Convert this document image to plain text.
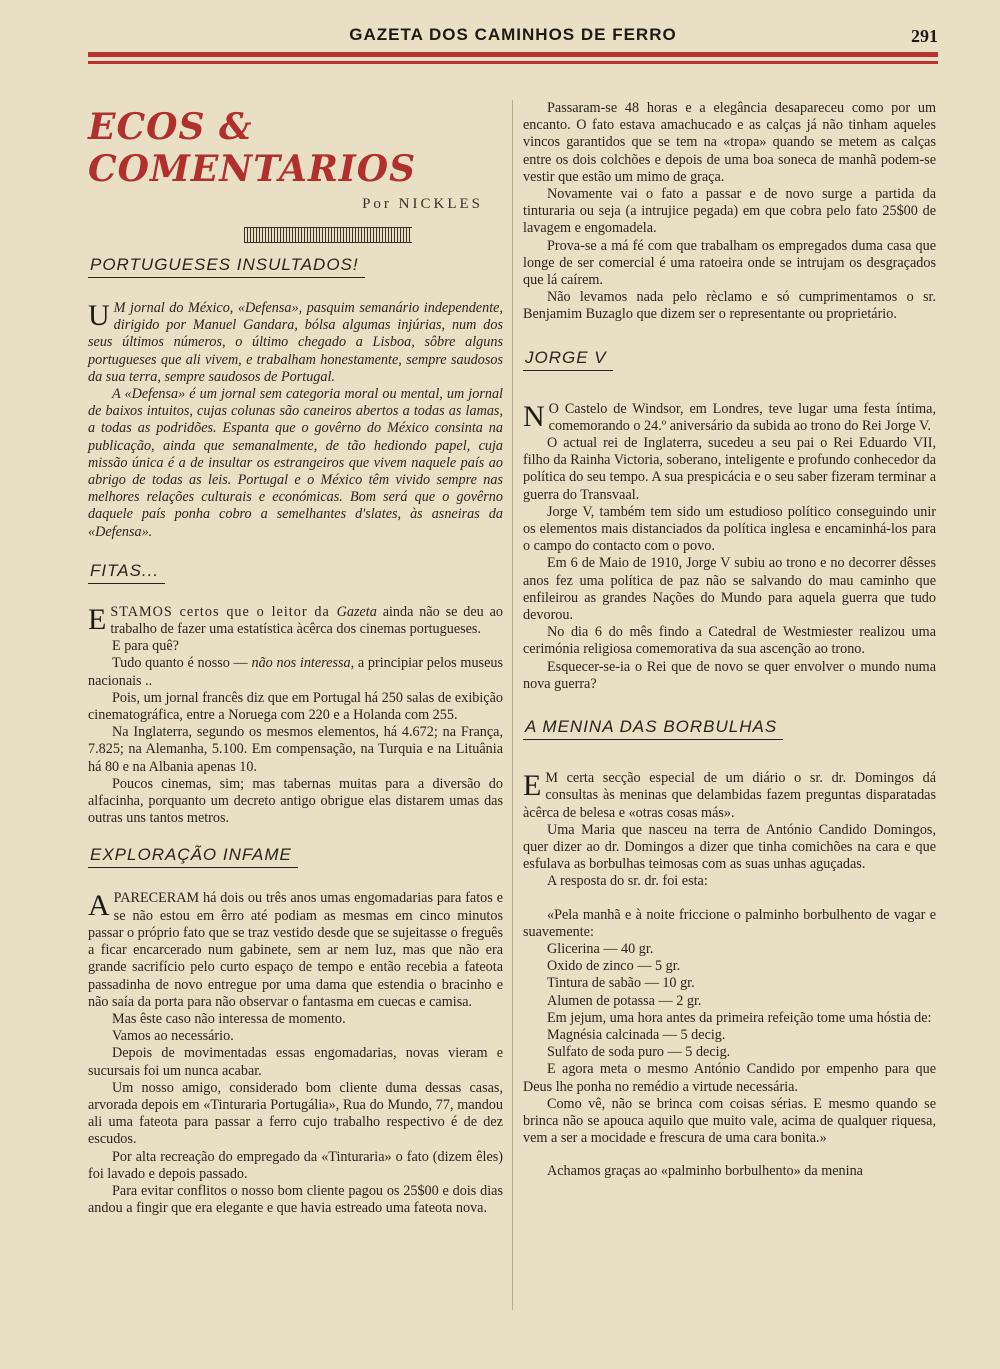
GAZETA DOS CAMINHOS DE FERRO	291
ECOS & COMENTARIOS
Por NICKLES
PORTUGUESES INSULTADOS!

U M jornal do México, «Defensa», pasquim semanário independente, dirigido por Manuel Gandara, bólsa algumas injúrias, num dos seus últimos números, o último chegado a Lisboa, sôbre alguns portugueses que ali vivem, e trabalham honestamente, sempre saudosos da sua terra, sempre saudosos de Portugal.

A «Defensa» é um jornal sem categoria moral ou mental, um jornal de baixos intuitos, cujas colunas são caneiros abertos a todas as lamas, a todas as podridões. Espanta que o govêrno do México consinta na publicação, ainda que semanalmente, de tão hediondo papel, cuja missão única é a de insultar os estrangeiros que vivem naquele país ao abrigo de todas as leis. Portugal e o México têm vivido sempre nas melhores relações culturais e económicas. Bom será que o govêrno daquele país ponha cobro a semelhantes d'slates, às asneiras da «Defensa».

FITAS...

ESTAMOS certos que o leitor da Gazeta ainda não se deu ao trabalho de fazer uma estatística àcêrca dos cinemas portugueses.

E para quê?

Tudo quanto é nosso — não nos interessa, a principiar pelos museus nacionais ..

Pois, um jornal francês diz que em Portugal há 250 salas de exibição cinematográfica, entre a Noruega com 220 e a Holanda com 255.

Na Inglaterra, segundo os mesmos elementos, há 4.672; na França, 7.825; na Alemanha, 5.100. Em compensação, na Turquia e na Lituânia há 80 e na Albania apenas 10.

Poucos cinemas, sim; mas tabernas muitas para a diversão do alfacinha, porquanto um decreto antigo obrigue elas distarem umas das outras uns tantos metros.

EXPLORAÇÃO INFAME

APARECERAM há dois ou três anos umas engomadarias para fatos e se não estou em êrro até podiam as mesmas em cinco minutos passar o próprio fato que se traz vestido desde que se sujeitasse o freguês a ficar encarcerado num gabinete, sem ar nem luz, mas que não era grande sacrifício pelo curto espaço de tempo e então recebia a fateota passadinha de novo entregue por uma dama que estendia o bracinho e não saía da porta para não observar o fantasma em cuecas e camisa.

Mas êste caso não interessa de momento.

Vamos ao necessário.

Depois de movimentadas essas engomadarias, novas vieram e sucursais foi um nunca acabar.

Um nosso amigo, considerado bom cliente duma dessas casas, arvorada depois em «Tinturaria Portugália», Rua do Mundo, 77, mandou ali uma fateota para passar a ferro cujo trabalho respectivo é de dez escudos.

Por alta recreação do empregado da «Tinturaria» o fato (dizem êles) foi lavado e depois passado.

Para evitar conflitos o nosso bom cliente pagou os 25$00 e dois dias andou a fingir que era elegante e que havia estreado uma fateota nova.

Passaram-se 48 horas e a elegância desapareceu como por um encanto. O fato estava amachucado e as calças já não tinham aqueles vincos garantidos que se tem na «tropa» quando se metem as calças entre os dois colchões e depois de uma boa soneca de manhã podem-se vestir que estão um mimo de graça.

Novamente vai o fato a passar e de novo surge a partida da tinturaria ou seja (a intrujice pegada) em que cobra pelo fato 25$00 de lavagem e engomadela.

Prova-se a má fé com que trabalham os empregados duma casa que longe de ser comercial é uma ratoeira onde se intrujam os desgraçados que lá caírem.

Não levamos nada pelo rèclamo e só cumprimentamos o sr. Benjamim Buzaglo que dizem ser o representante ou proprietário.

JORGE V

N O Castelo de Windsor, em Londres, teve lugar uma festa íntima, comemorando o 24.º aniversário da subida ao trono do Rei Jorge V.

O actual rei de Inglaterra, sucedeu a seu pai o Rei Eduardo VII, filho da Rainha Victoria, soberano, inteligente e profundo conhecedor da política do seu tempo. A sua prespicácia e o seu saber fizeram terminar a guerra do Transvaal.

Jorge V, também tem sido um estudioso político conseguindo unir os elementos mais distanciados da política inglesa e encaminhá-los para o campo do contacto com o povo.

Em 6 de Maio de 1910, Jorge V subiu ao trono e no decorrer dêsses anos fez uma política de paz não se salvando do mau caminho que enfileirou as grandes Nações do Mundo para aquela guerra que tudo devorou.

No dia 6 do mês findo a Catedral de Westmiester realizou uma cerimónia religiosa comemorativa da sua ascenção ao trono.

Esquecer-se-ia o Rei que de novo se quer envolver o mundo numa nova guerra?

A MENINA DAS BORBULHAS

E M certa secção especial de um diário o sr. dr. Domingos dá consultas às meninas que delambidas fazem preguntas disparatadas àcêrca de belesa e «otras cosas más».

Uma Maria que nasceu na terra de António Candido Domingos, quer dizer ao dr. Domingos a dizer que tinha comichões na cara e que esfulava as borbulhas teimosas com as suas unhas aguçadas.

A resposta do sr. dr. foi esta:

«Pela manhã e à noite friccione o palminho borbulhento de vagar e suavemente:

Glicerina — 40 gr.

Oxido de zinco — 5 gr.

Tintura de sabão — 10 gr.

Alumen de potassa — 2 gr.

Em jejum, uma hora antes da primeira refeição tome uma hóstia de:

Magnésia calcinada — 5 decig.

Sulfato de soda puro — 5 decig.

E agora meta o mesmo António Candido por empenho para que Deus lhe ponha no remédio a virtude necessária.

Como vê, não se brinca com coisas sérias. E mesmo quando se brinca não se apouca aquilo que muito vale, acima de qualquer riquesa, vem a ser a mocidade e frescura de uma cara bonita.»

Achamos graças ao «palminho borbulhento» da menina
